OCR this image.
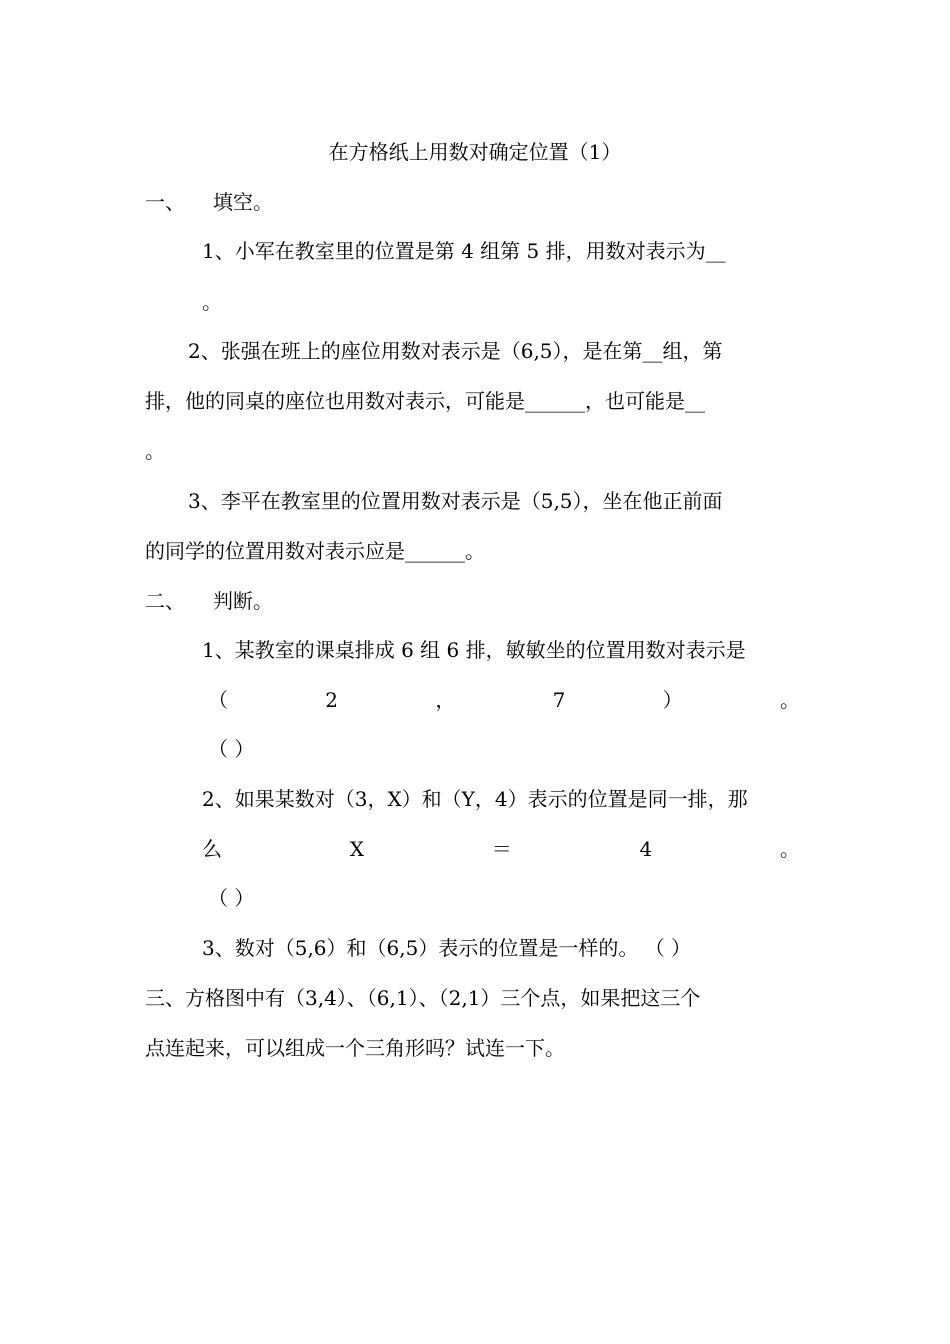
在方格纸上用数对确定位置（1）
一、 填空。
1、小军在教室里的位置是第 4 组第 5 排，用数对表示为__
。
2、张强在班上的座位用数对表示是（6,5），是在第__组，第
排，他的同桌的座位也用数对表示，可能是______，也可能是__
。
3、李平在教室里的位置用数对表示是（5,5），坐在他正前面
的同学的位置用数对表示应是______。
二、 判断。
1、某教室的课桌排成 6 组 6 排，敏敏坐的位置用数对表示是
（	2	，	7	）	。
（ ）
2、如果某数对（3，X）和（Y，4）表示的位置是同一排，那
么	X	＝	4	。
（ ）
3、数对（5,6）和（6,5）表示的位置是一样的。 （ ）
三、方格图中有（3,4）、（6,1）、（2,1）三个点，如果把这三个
点连起来，可以组成一个三角形吗？试连一下。
